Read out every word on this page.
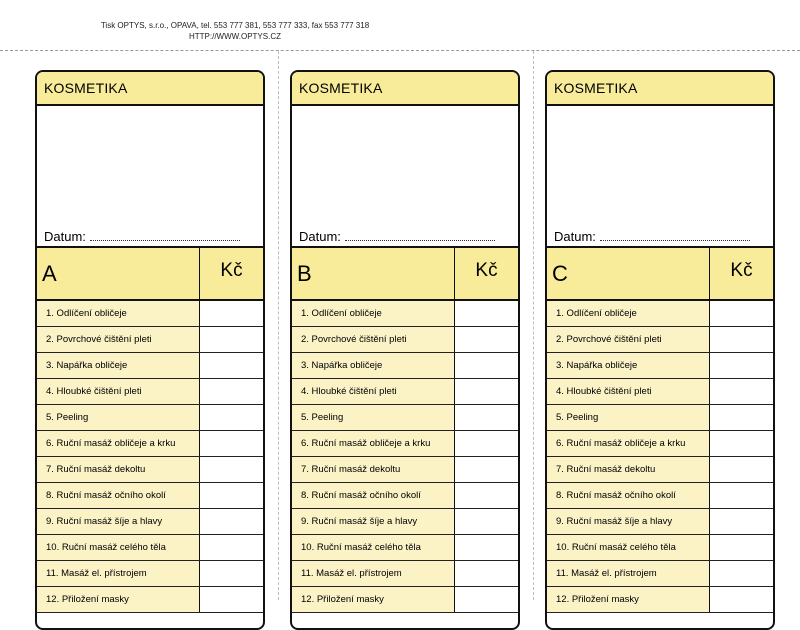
Tisk OPTYS, s.r.o., OPAVA, tel. 553 777 381, 553 777 333, fax 553 777 318
HTTP://WWW.OPTYS.CZ
KOSMETIKA
Datum:
A	Kč
1. Odlíčení obličeje
2. Povrchové čištění pleti
3. Napářka obličeje
4. Hloubké čištění pleti
5. Peeling
6. Ruční masáž obličeje a krku
7. Ruční masáž dekoltu
8. Ruční masáž očního okolí
9. Ruční masáž šíje a hlavy
10. Ruční masáž celého těla
11. Masáž el. přístrojem
12. Přiložení masky
KOSMETIKA
Datum:
B	Kč
1. Odlíčení obličeje
2. Povrchové čištění pleti
3. Napářka obličeje
4. Hloubké čištění pleti
5. Peeling
6. Ruční masáž obličeje a krku
7. Ruční masáž dekoltu
8. Ruční masáž očního okolí
9. Ruční masáž šíje a hlavy
10. Ruční masáž celého těla
11. Masáž el. přístrojem
12. Přiložení masky
KOSMETIKA
Datum:
C	Kč
1. Odlíčení obličeje
2. Povrchové čištění pleti
3. Napářka obličeje
4. Hloubké čištění pleti
5. Peeling
6. Ruční masáž obličeje a krku
7. Ruční masáž dekoltu
8. Ruční masáž očního okolí
9. Ruční masáž šíje a hlavy
10. Ruční masáž celého těla
11. Masáž el. přístrojem
12. Přiložení masky
